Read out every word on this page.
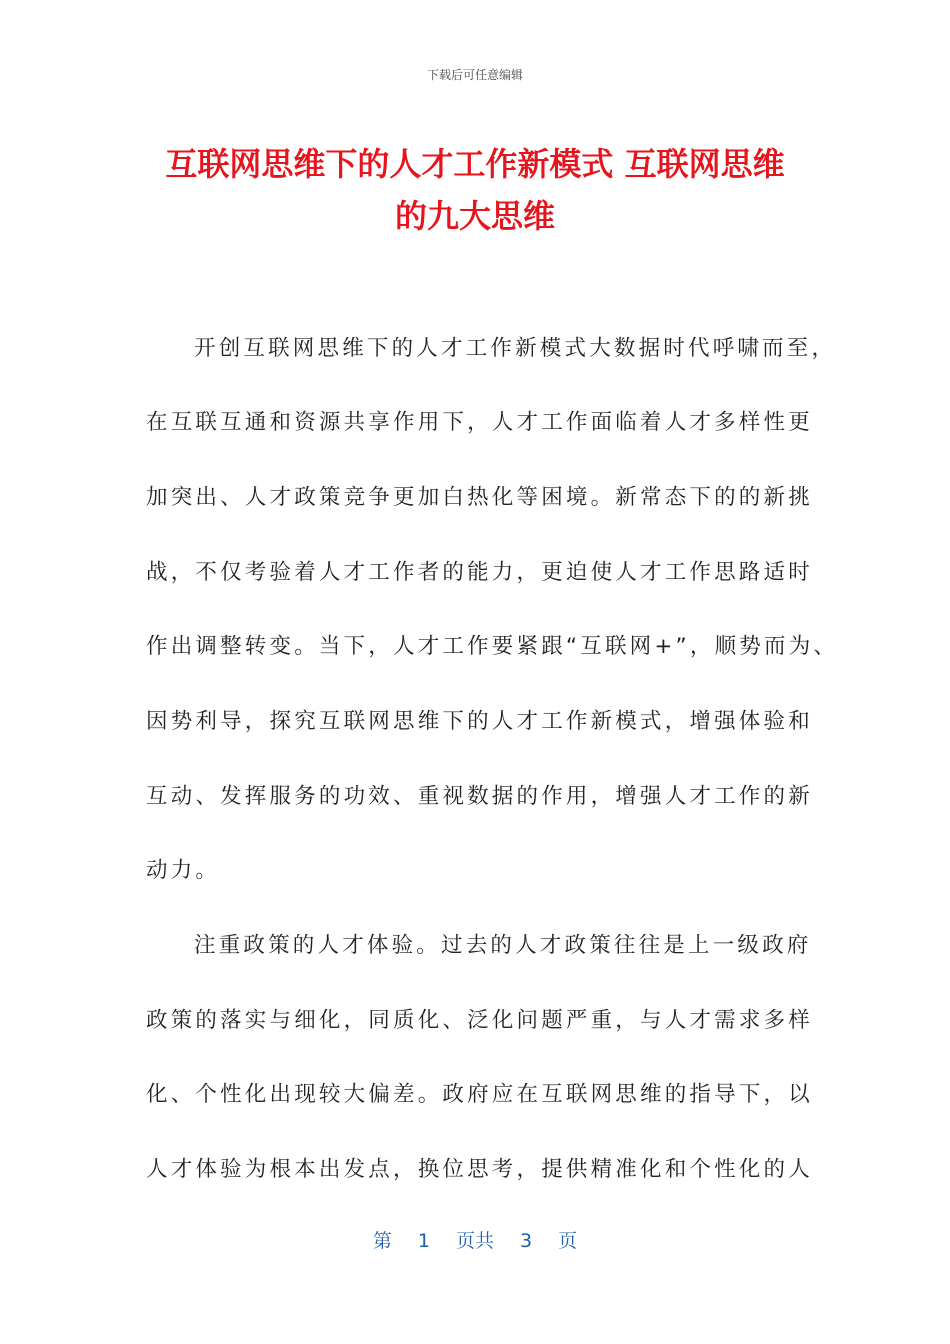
下载后可任意编辑
互联网思维下的人才工作新模式 互联网思维
的九大思维
开创互联网思维下的人才工作新模式大数据时代呼啸而至，
在互联互通和资源共享作用下，人才工作面临着人才多样性更
加突出、人才政策竞争更加白热化等困境。新常态下的的新挑
战，不仅考验着人才工作者的能力，更迫使人才工作思路适时
作出调整转变。当下，人才工作要紧跟“互联网+”，顺势而为、
因势利导，探究互联网思维下的人才工作新模式，增强体验和
互动、发挥服务的功效、重视数据的作用，增强人才工作的新
动力。
注重政策的人才体验。过去的人才政策往往是上一级政府
政策的落实与细化，同质化、泛化问题严重，与人才需求多样
化、个性化出现较大偏差。政府应在互联网思维的指导下，以
人才体验为根本出发点，换位思考，提供精准化和个性化的人
第 1 页共 3 页
